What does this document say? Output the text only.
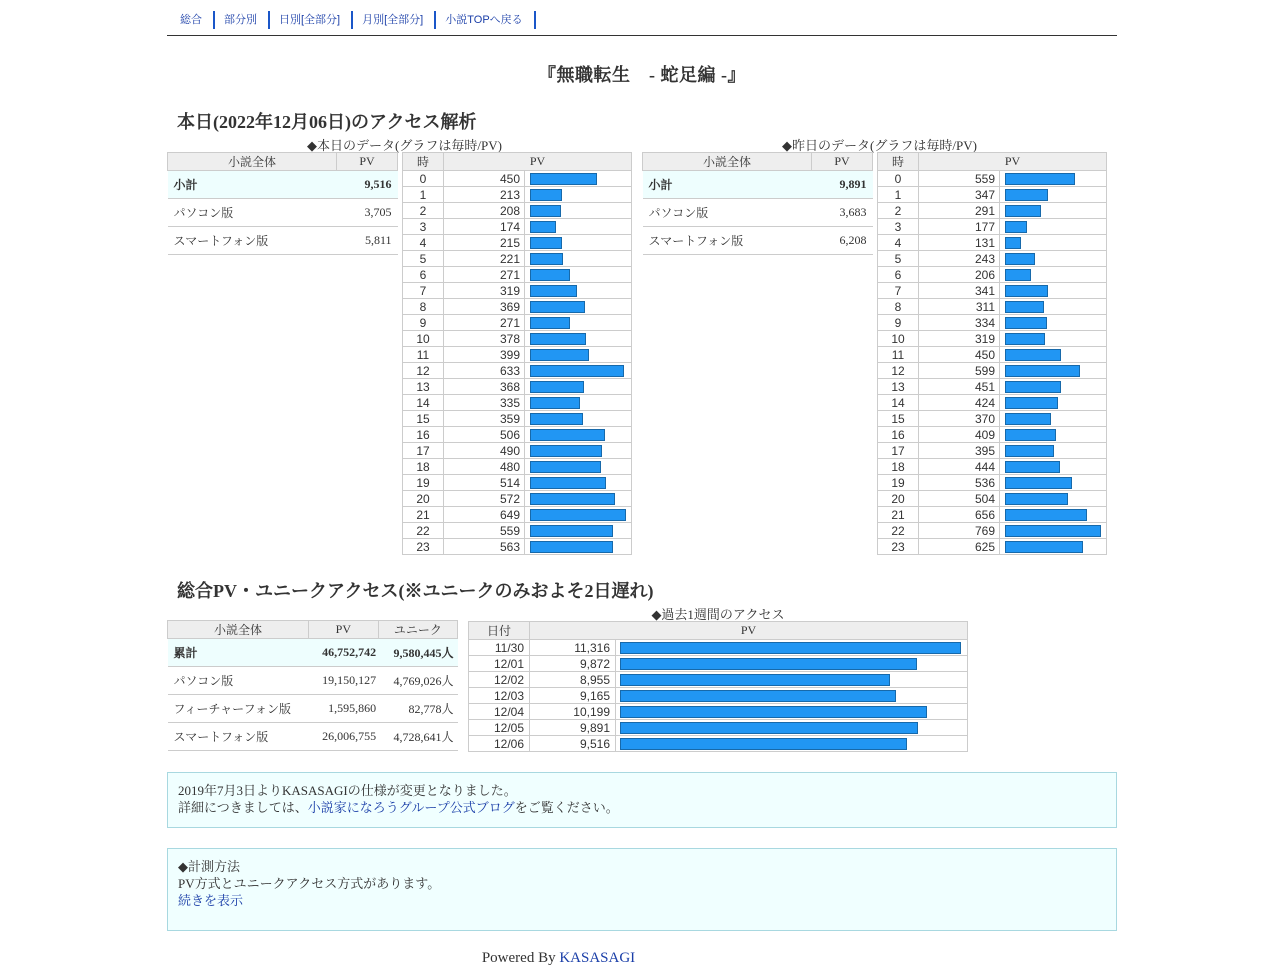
総合	部分別	日別[全部分]	月別[全部分]	小説TOPへ戻る
『無職転生　- 蛇足編 -』
本日(2022年12月06日)のアクセス解析
◆本日のデータ(グラフは毎時/PV)
小説全体	PV
小計	9,516
パソコン版	3,705
スマートフォン版	5,811
時	PV	
0	450	

1	213	

2	208	

3	174	

4	215	

5	221	

6	271	

7	319	

8	369	

9	271	

10	378	

11	399	

12	633	

13	368	

14	335	

15	359	

16	506	

17	490	

18	480	

19	514	

20	572	

21	649	

22	559	

23	563	
◆昨日のデータ(グラフは毎時/PV)
小説全体	PV
小計	9,891
パソコン版	3,683
スマートフォン版	6,208
時	PV	
0	559	

1	347	

2	291	

3	177	

4	131	

5	243	

6	206	

7	341	

8	311	

9	334	

10	319	

11	450	

12	599	

13	451	

14	424	

15	370	

16	409	

17	395	

18	444	

19	536	

20	504	

21	656	

22	769	

23	625	
総合PV・ユニークアクセス(※ユニークのみおよそ2日遅れ)
小説全体	PV	ユニーク
累計	46,752,742	9,580,445人
パソコン版	19,150,127	4,769,026人
フィーチャーフォン版	1,595,860	82,778人
スマートフォン版	26,006,755	4,728,641人
◆過去1週間のアクセス
日付	PV	
11/30	11,316	

12/01	9,872	

12/02	8,955	

12/03	9,165	

12/04	10,199	

12/05	9,891	

12/06	9,516	
2019年7月3日よりKASASAGIの仕様が変更となりました。
詳細につきましては、小説家になろうグループ公式ブログをご覧ください。
◆計測方法
PV方式とユニークアクセス方式があります。
続きを表示
Powered By KASASAGI
